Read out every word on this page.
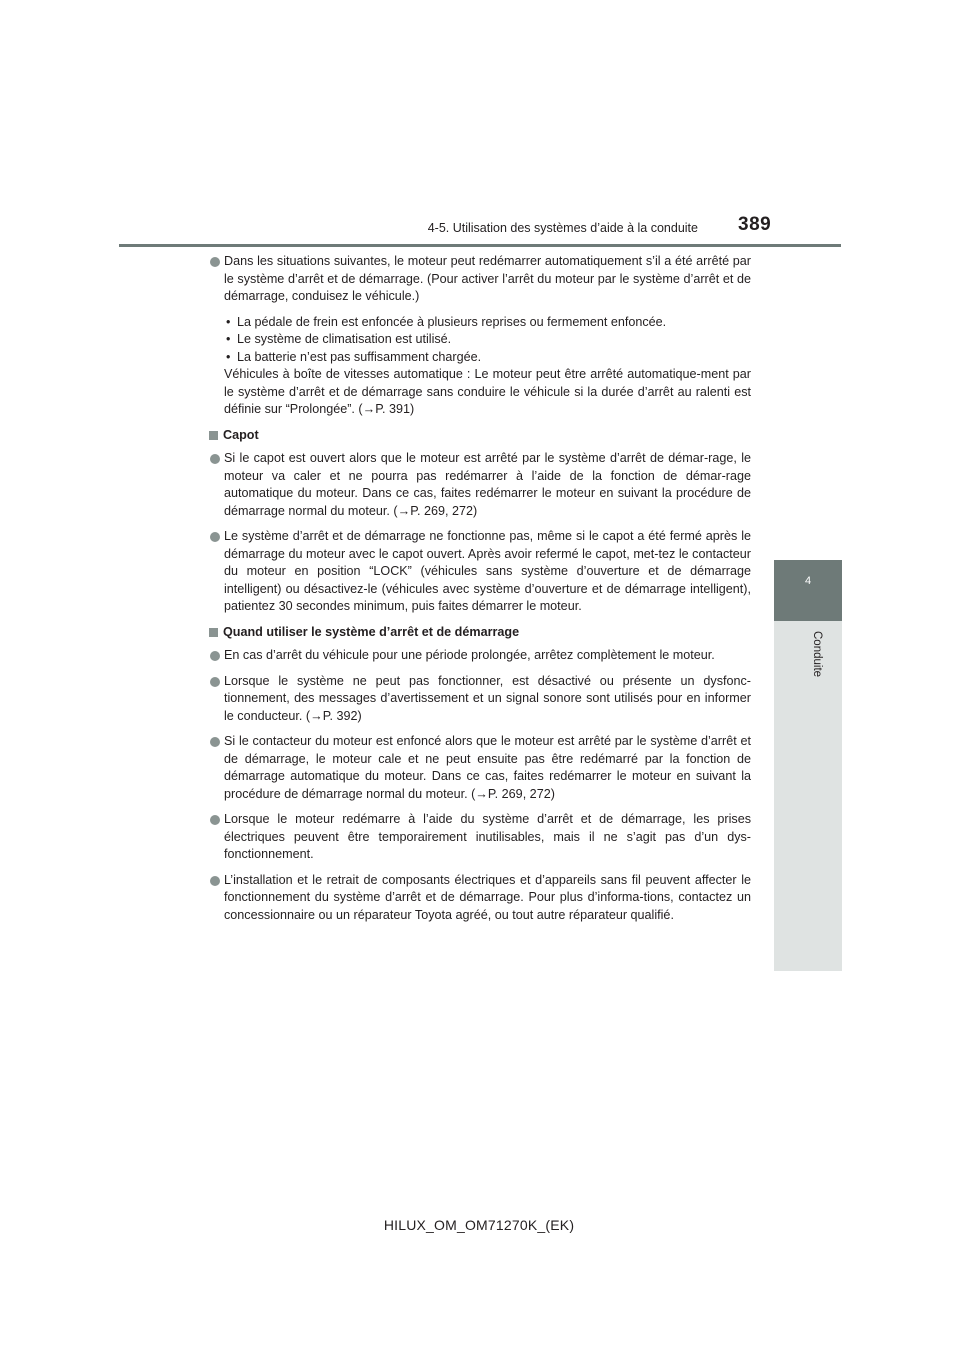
4-5. Utilisation des systèmes d’aide à la conduite 389
4
Conduite
Dans les situations suivantes, le moteur peut redémarrer automatiquement s’il a été arrêté par le système d’arrêt et de démarrage. (Pour activer l’arrêt du moteur par le système d’arrêt et de démarrage, conduisez le véhicule.)
• La pédale de frein est enfoncée à plusieurs reprises ou fermement enfoncée.
• Le système de climatisation est utilisé.
• La batterie n’est pas suffisamment chargée.
Véhicules à boîte de vitesses automatique : Le moteur peut être arrêté automatique-ment par le système d’arrêt et de démarrage sans conduire le véhicule si la durée d’arrêt au ralenti est définie sur “Prolongée”. (→P. 391)
Capot
Si le capot est ouvert alors que le moteur est arrêté par le système d’arrêt de démar-rage, le moteur va caler et ne pourra pas redémarrer à l’aide de la fonction de démar-rage automatique du moteur. Dans ce cas, faites redémarrer le moteur en suivant la procédure de démarrage normal du moteur. (→P. 269, 272)
Le système d’arrêt et de démarrage ne fonctionne pas, même si le capot a été fermé après le démarrage du moteur avec le capot ouvert. Après avoir refermé le capot, met-tez le contacteur du moteur en position “LOCK” (véhicules sans système d’ouverture et de démarrage intelligent) ou désactivez-le (véhicules avec système d’ouverture et de démarrage intelligent), patientez 30 secondes minimum, puis faites démarrer le moteur.
Quand utiliser le système d’arrêt et de démarrage
En cas d’arrêt du véhicule pour une période prolongée, arrêtez complètement le moteur.
Lorsque le système ne peut pas fonctionner, est désactivé ou présente un dysfonc-tionnement, des messages d’avertissement et un signal sonore sont utilisés pour en informer le conducteur. (→P. 392)
Si le contacteur du moteur est enfoncé alors que le moteur est arrêté par le système d’arrêt et de démarrage, le moteur cale et ne peut ensuite pas être redémarré par la fonction de démarrage automatique du moteur. Dans ce cas, faites redémarrer le moteur en suivant la procédure de démarrage normal du moteur. (→P. 269, 272)
Lorsque le moteur redémarre à l’aide du système d’arrêt et de démarrage, les prises électriques peuvent être temporairement inutilisables, mais il ne s’agit pas d’un dys-fonctionnement.
L’installation et le retrait de composants électriques et d’appareils sans fil peuvent affecter le fonctionnement du système d’arrêt et de démarrage. Pour plus d’informa-tions, contactez un concessionnaire ou un réparateur Toyota agréé, ou tout autre réparateur qualifié.
HILUX_OM_OM71270K_(EK)
